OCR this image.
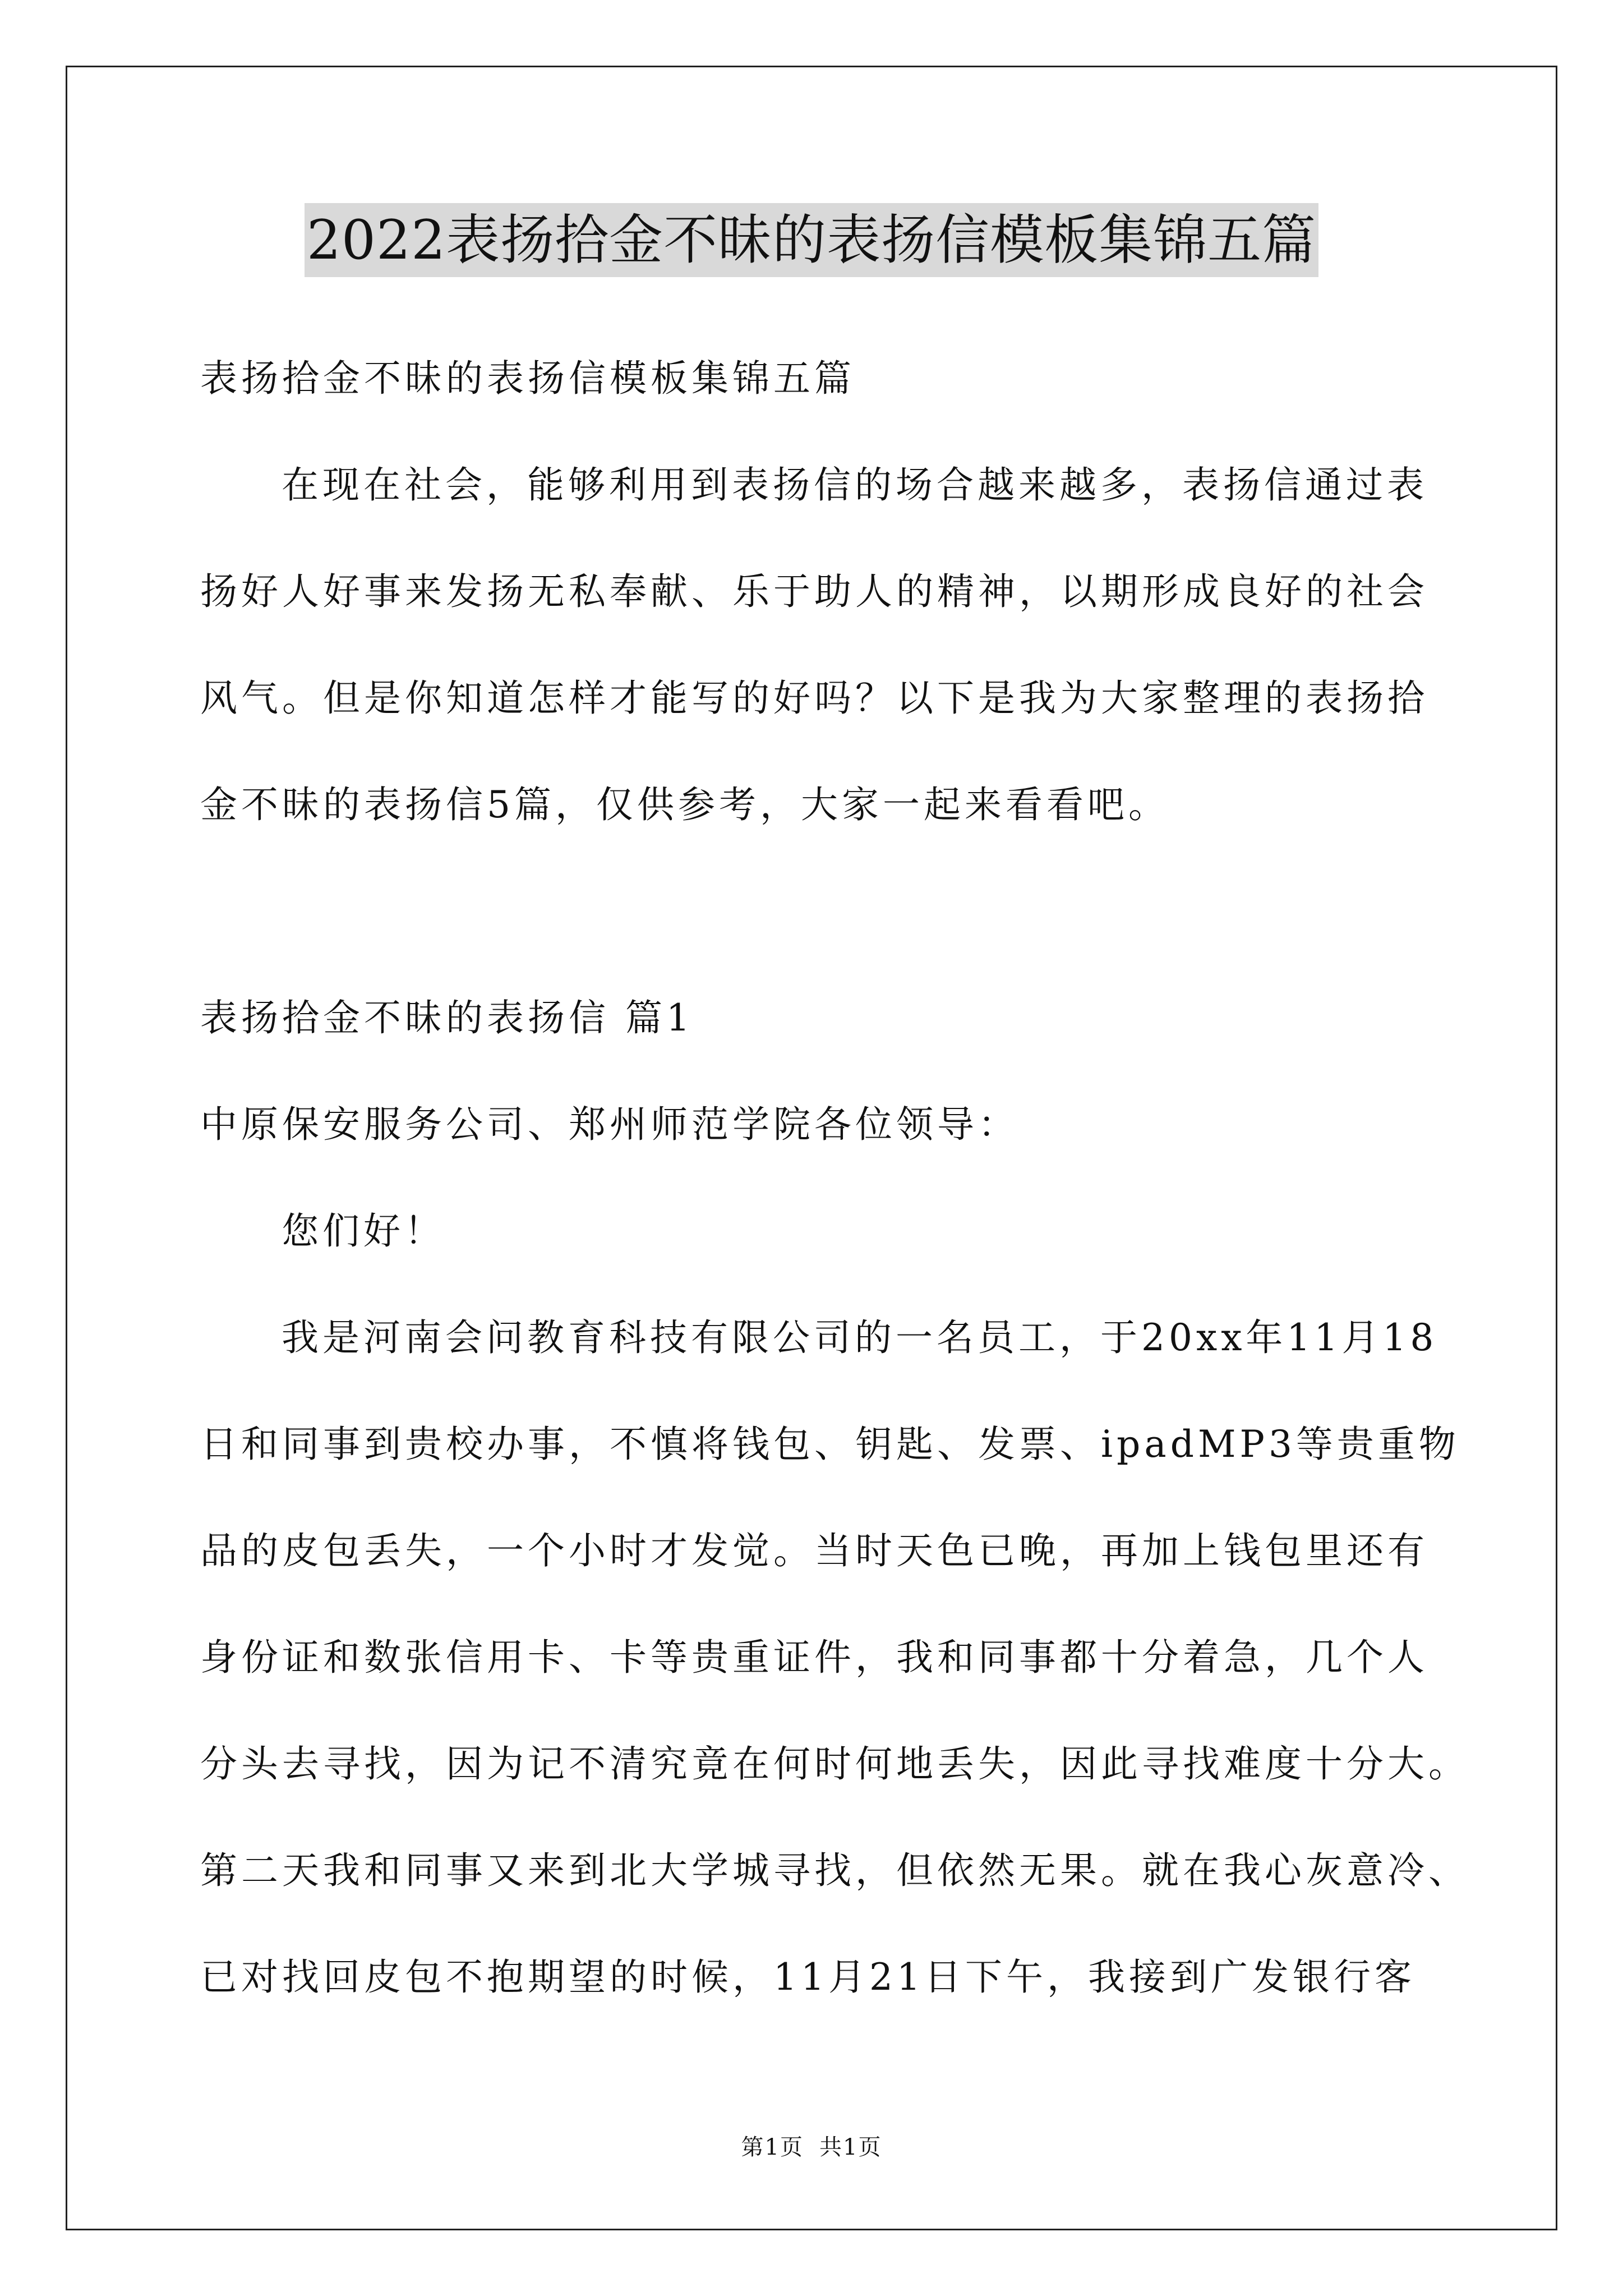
2022表扬拾金不昧的表扬信模板集锦五篇
表扬拾金不昧的表扬信模板集锦五篇
在现在社会，能够利用到表扬信的场合越来越多，表扬信通过表
扬好人好事来发扬无私奉献、乐于助人的精神，以期形成良好的社会
风气。但是你知道怎样才能写的好吗？以下是我为大家整理的表扬拾
金不昧的表扬信5篇，仅供参考，大家一起来看看吧。
表扬拾金不昧的表扬信 篇1
中原保安服务公司、郑州师范学院各位领导：
您们好！
我是河南会问教育科技有限公司的一名员工，于20xx年11月18
日和同事到贵校办事，不慎将钱包、钥匙、发票、ipadMP3等贵重物
品的皮包丢失，一个小时才发觉。当时天色已晚，再加上钱包里还有
身份证和数张信用卡、卡等贵重证件，我和同事都十分着急，几个人
分头去寻找，因为记不清究竟在何时何地丢失，因此寻找难度十分大。
第二天我和同事又来到北大学城寻找，但依然无果。就在我心灰意冷、
已对找回皮包不抱期望的时候，11月21日下午，我接到广发银行客
第1页 共1页
